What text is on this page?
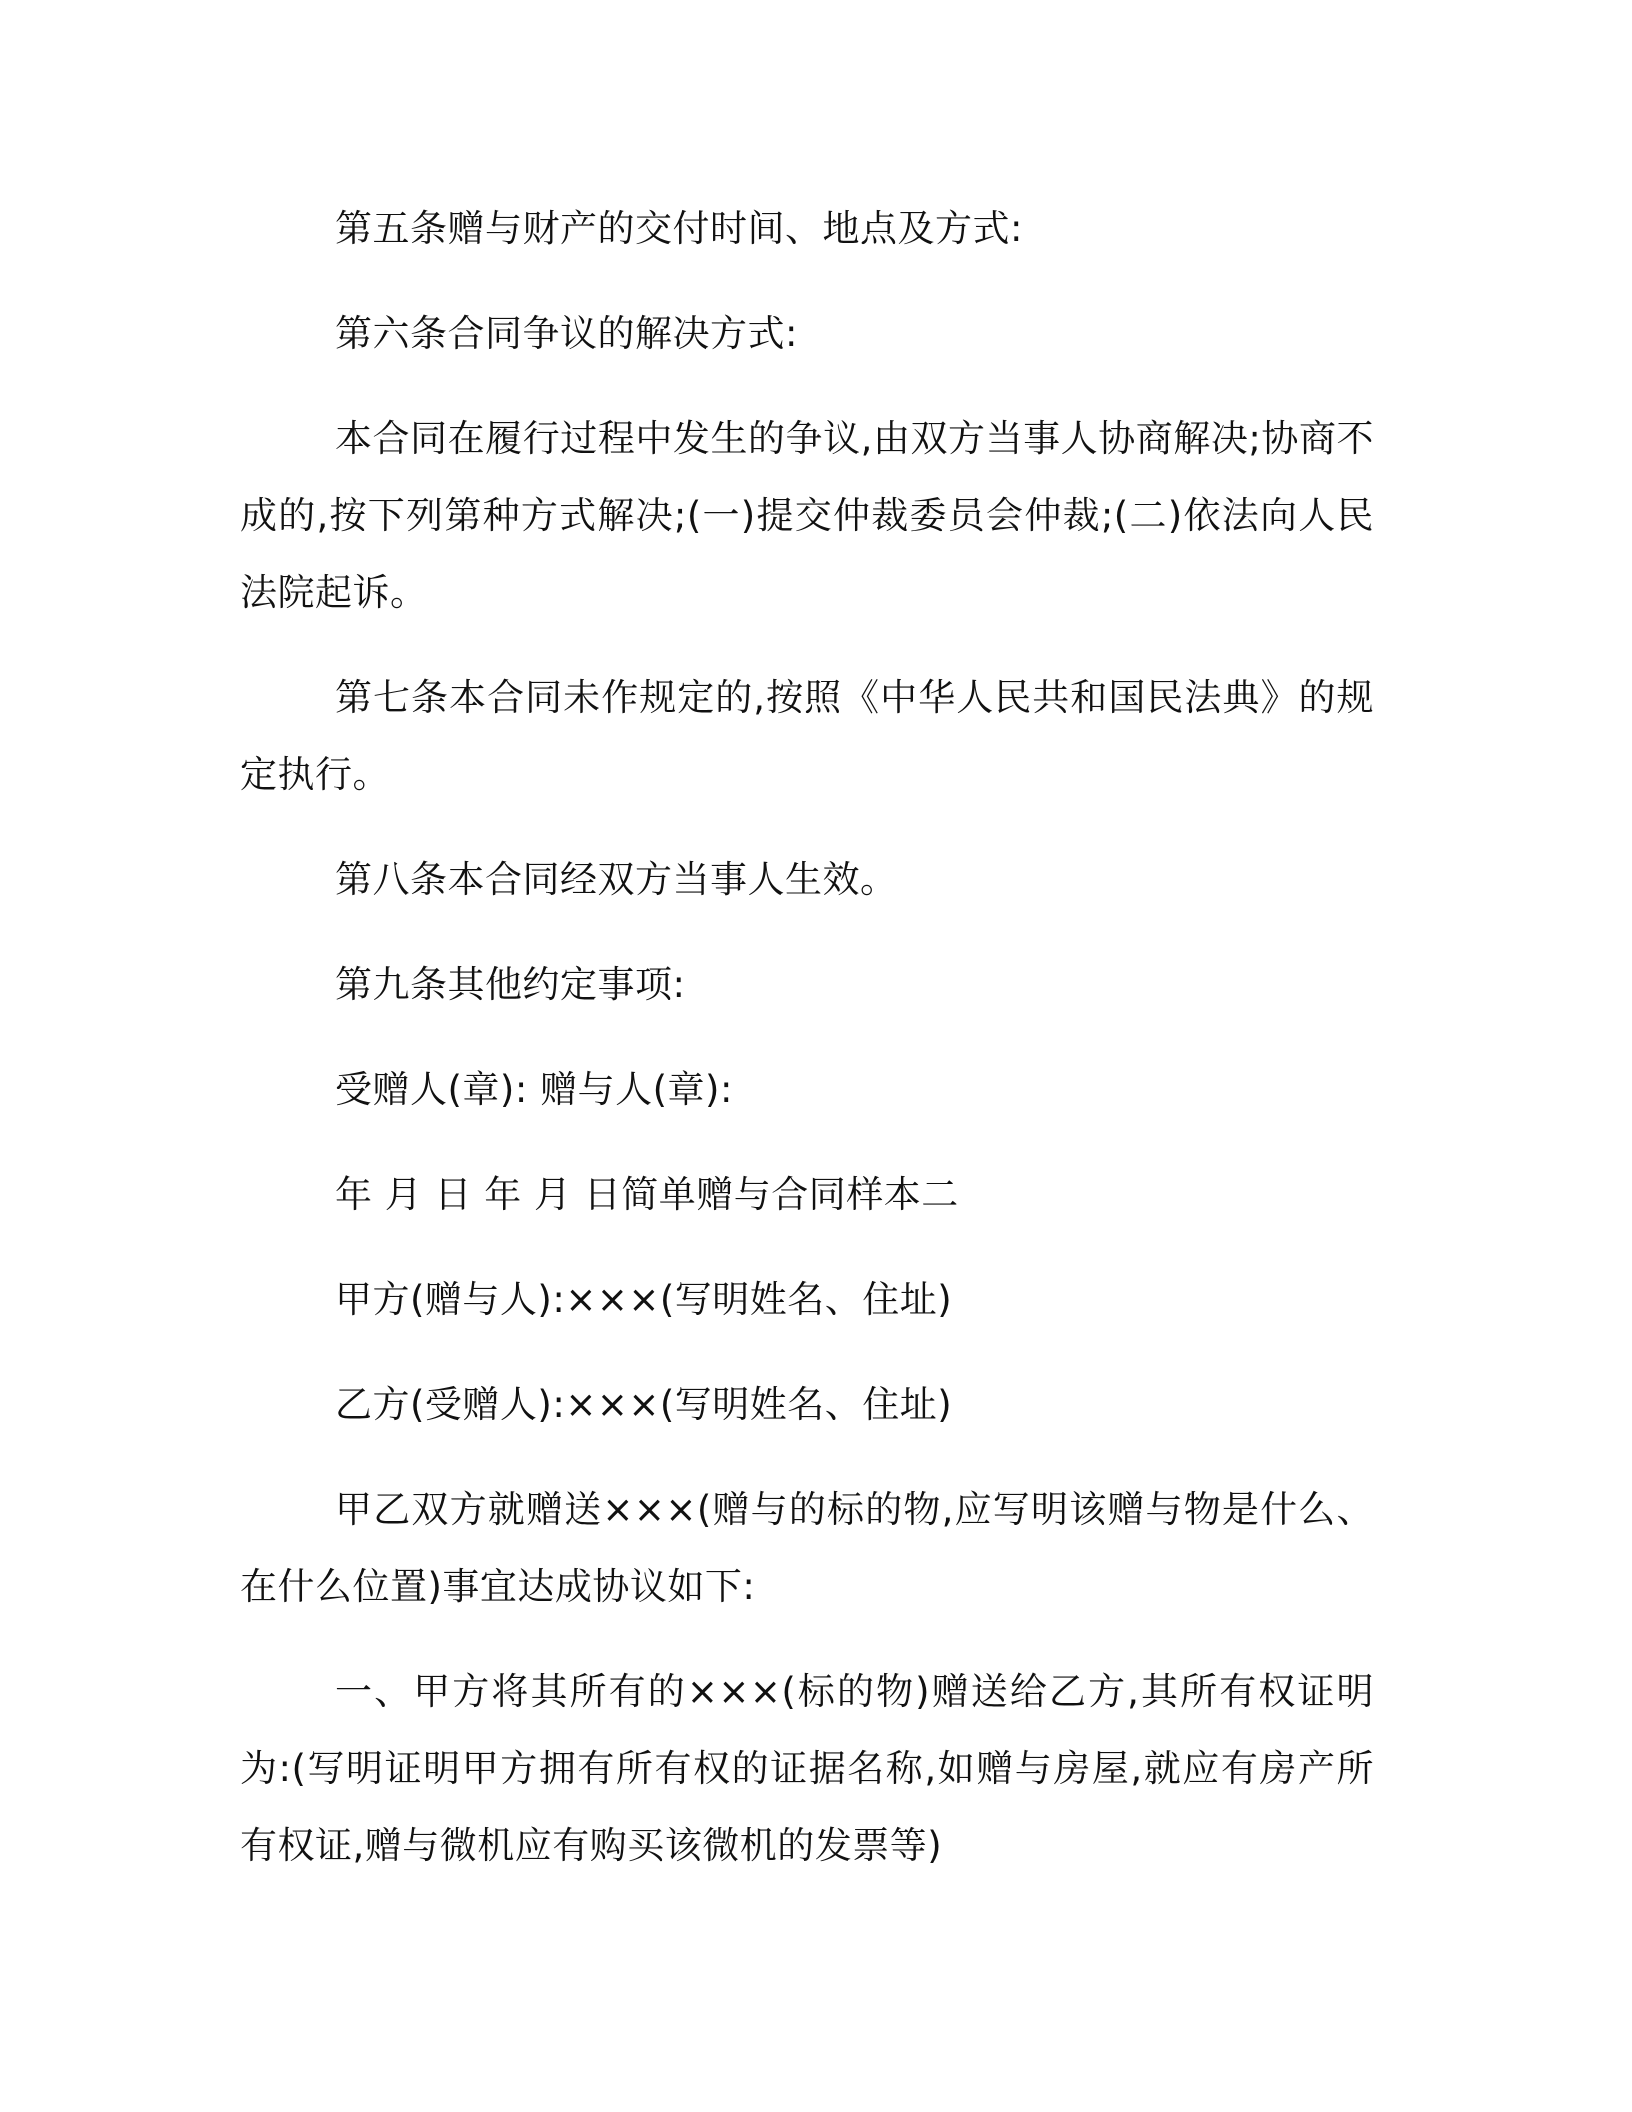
第五条赠与财产的交付时间、地点及方式:

第六条合同争议的解决方式:

本合同在履行过程中发生的争议,由双方当事人协商解决;协商不成的,按下列第种方式解决;(一)提交仲裁委员会仲裁;(二)依法向人民法院起诉。

第七条本合同未作规定的,按照《中华人民共和国民法典》的规定执行。

第八条本合同经双方当事人生效。

第九条其他约定事项:

受赠人(章): 赠与人(章):

年 月 日 年 月 日简单赠与合同样本二

甲方(赠与人):×××(写明姓名、住址)

乙方(受赠人):×××(写明姓名、住址)

甲乙双方就赠送×××(赠与的标的物,应写明该赠与物是什么、在什么位置)事宜达成协议如下:

一、甲方将其所有的×××(标的物)赠送给乙方,其所有权证明为:(写明证明甲方拥有所有权的证据名称,如赠与房屋,就应有房产所有权证,赠与微机应有购买该微机的发票等)
